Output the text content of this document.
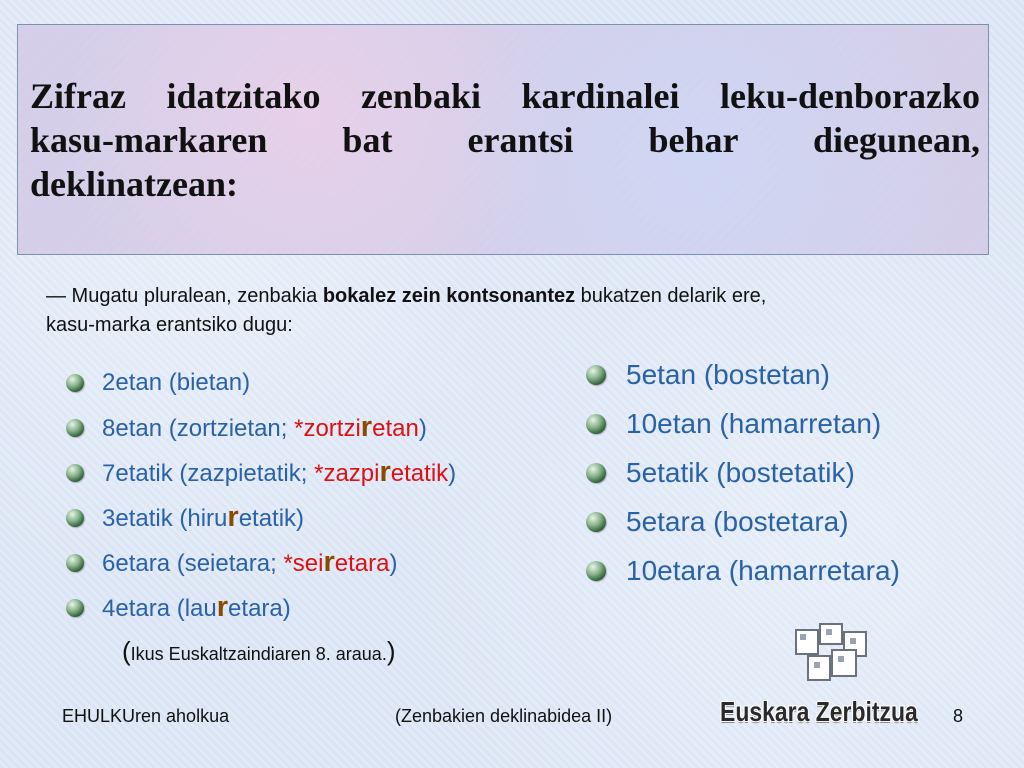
Zifraz idatzitako zenbaki kardinalei leku-denborazko
kasu-markaren bat erantsi behar diegunean,
deklinatzean:

— Mugatu pluralean, zenbakia bokalez zein kontsonantez bukatzen delarik ere,
kasu-marka erantsiko dugu:

2etan (bietan)
8etan (zortzietan; *zortziretan)
7etatik (zazpietatik; *zazpiretatik)
3etatik (hiruretatik)
6etara (seietara; *seiretara)
4etara (lauretara)
5etan (bostetan)
10etan (hamarretan)
5etatik (bostetatik)
5etara (bostetara)
10etara (hamarretara)
(Ikus Euskaltzaindiaren 8. araua.)

Euskara Zerbitzua
EHULKUren aholkua	(Zenbakien deklinabidea II)	8
